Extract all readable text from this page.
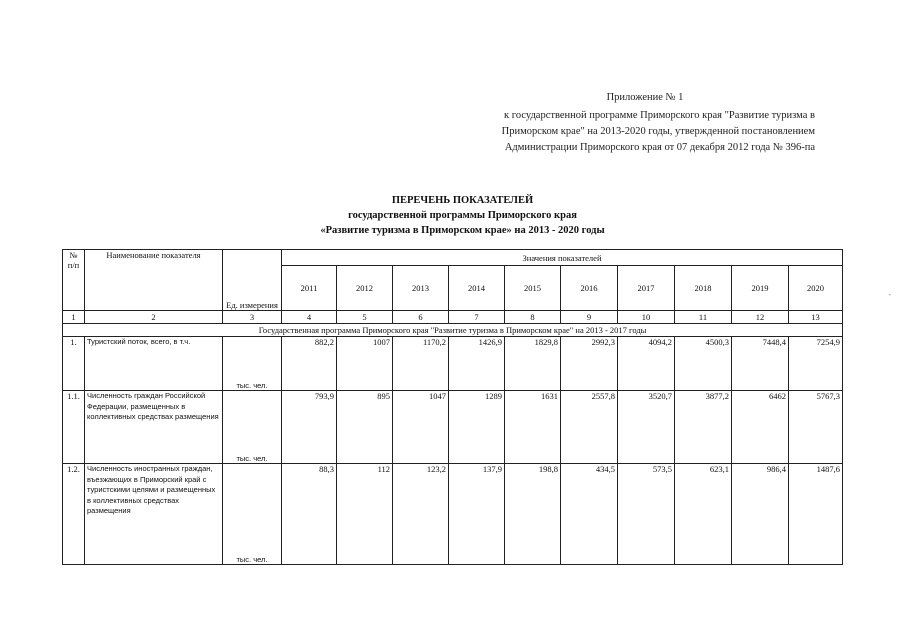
Приложение № 1
к государственной программе Приморского края "Развитие туризма в
Приморском крае" на 2013-2020 годы, утвержденной постановлением
Администрации Приморского края от 07 декабря 2012 года № 396-па
ПЕРЕЧЕНЬ ПОКАЗАТЕЛЕЙ
государственной программы Приморского края
«Развитие туризма в Приморском крае» на 2013 - 2020 годы
-
№ п/п	Наименование показателя	Ед. измерения	Значения показателей									
			2011	2012	2013	2014	2015	2016	2017	2018	2019	2020
1	2	3	4	5	6	7	8	9	10	11	12	13
Государственная программа Приморского края "Развитие туризма в Приморском крае" на 2013 - 2017 годы												
1.	Туристский поток, всего, в т.ч.	тыс. чел.	882,2	1007	1170,2	1426,9	1829,8	2992,3	4094,2	4500,3	7448,4	7254,9
1.1.	Численность граждан Российской Федерации, размещенных в коллективных средствах размещения	тыс. чел.	793,9	895	1047	1289	1631	2557,8	3520,7	3877,2	6462	5767,3
1.2.	Численность иностранных граждан, въезжающих в Приморский край с туристскими целями и размещенных в коллективных средствах размещения	тыс. чел.	88,3	112	123,2	137,9	198,8	434,5	573,5	623,1	986,4	1487,6
